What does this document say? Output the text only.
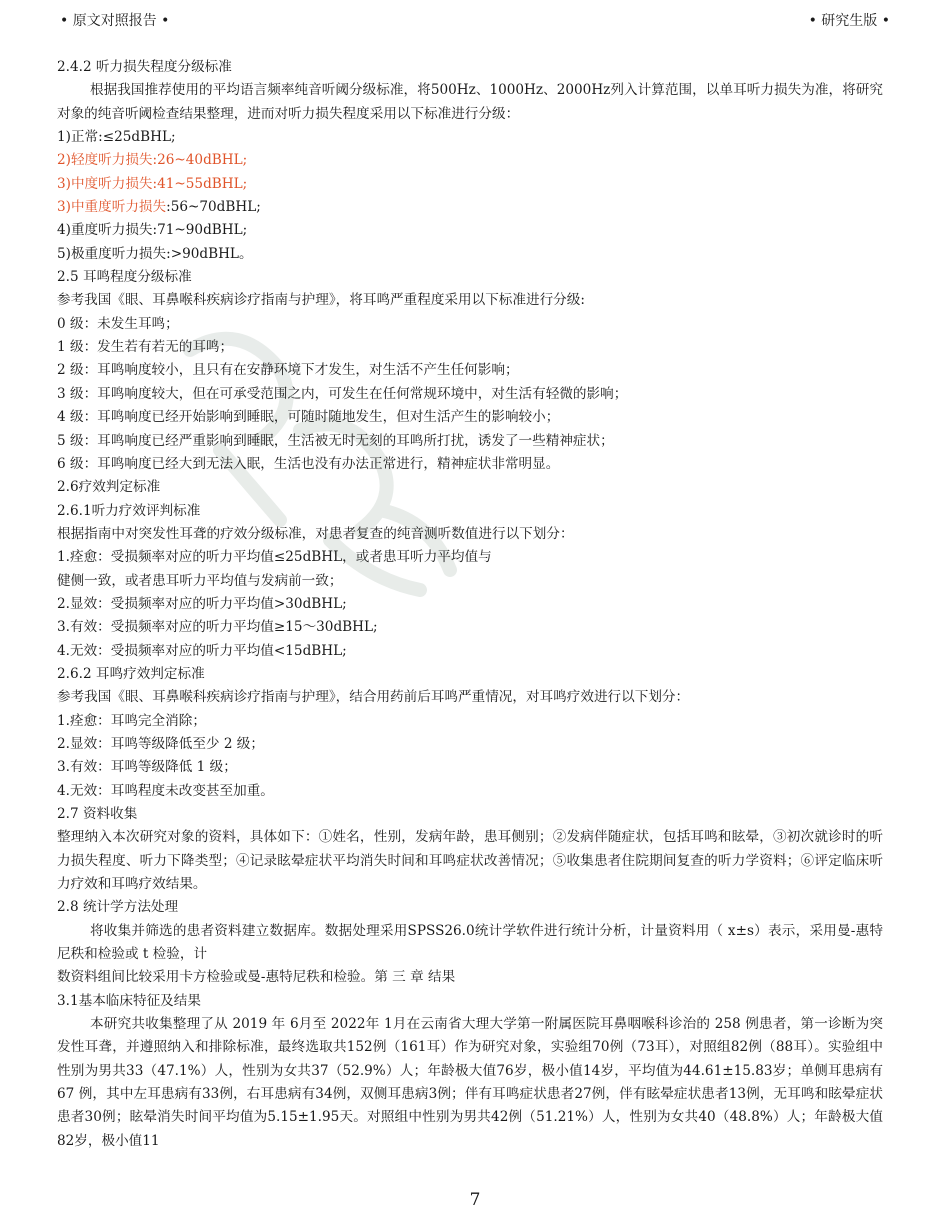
• 原文对照报告 •	• 研究生版 •
2.4.2 听力损失程度分级标准
根据我国推荐使用的平均语言频率纯音听阈分级标准，将500Hz、1000Hz、2000Hz列入计算范围，以单耳听力损失为准，将研究对象的纯音听阈检查结果整理，进而对听力损失程度采用以下标准进行分级：
1)正常:≤25dBHL;
2)轻度听力损失:26~40dBHL;
3)中度听力损失:41~55dBHL;
3)中重度听力损失:56~70dBHL;
4)重度听力损失:71~90dBHL;
5)极重度听力损失:>90dBHL。
2.5 耳鸣程度分级标准
参考我国《眼、耳鼻喉科疾病诊疗指南与护理》，将耳鸣严重程度采用以下标准进行分级:
0 级：未发生耳鸣；
1 级：发生若有若无的耳鸣；
2 级：耳鸣响度较小，且只有在安静环境下才发生，对生活不产生任何影响；
3 级：耳鸣响度较大，但在可承受范围之内，可发生在任何常规环境中，对生活有轻微的影响；
4 级：耳鸣响度已经开始影响到睡眠，可随时随地发生，但对生活产生的影响较小；
5 级：耳鸣响度已经严重影响到睡眠，生活被无时无刻的耳鸣所打扰，诱发了一些精神症状；
6 级：耳鸣响度已经大到无法入眠，生活也没有办法正常进行，精神症状非常明显。
2.6疗效判定标准
2.6.1听力疗效评判标准
根据指南中对突发性耳聋的疗效分级标准，对患者复查的纯音测听数值进行以下划分：
1.痊愈：受损频率对应的听力平均值≤25dBHL，或者患耳听力平均值与
健侧一致，或者患耳听力平均值与发病前一致；
2.显效：受损频率对应的听力平均值>30dBHL;
3.有效：受损频率对应的听力平均值≥15～30dBHL;
4.无效：受损频率对应的听力平均值<15dBHL;
2.6.2 耳鸣疗效判定标准
参考我国《眼、耳鼻喉科疾病诊疗指南与护理》，结合用药前后耳鸣严重情况，对耳鸣疗效进行以下划分：
1.痊愈：耳鸣完全消除；
2.显效：耳鸣等级降低至少 2 级；
3.有效：耳鸣等级降低 1 级；
4.无效：耳鸣程度未改变甚至加重。
2.7 资料收集
整理纳入本次研究对象的资料，具体如下：①姓名，性别，发病年龄，患耳侧别；②发病伴随症状，包括耳鸣和眩晕，③初次就诊时的听力损失程度、听力下降类型；④记录眩晕症状平均消失时间和耳鸣症状改善情况；⑤收集患者住院期间复查的听力学资料；⑥评定临床听力疗效和耳鸣疗效结果。
2.8 统计学方法处理
将收集并筛选的患者资料建立数据库。数据处理采用SPSS26.0统计学软件进行统计分析，计量资料用（ x±s）表示，采用曼-惠特尼秩和检验或 t 检验，计
数资料组间比较采用卡方检验或曼-惠特尼秩和检验。第 三 章 结果
3.1基本临床特征及结果
本研究共收集整理了从 2019 年 6月至 2022年 1月在云南省大理大学第一附属医院耳鼻咽喉科诊治的 258 例患者，第一诊断为突发性耳聋，并遵照纳入和排除标准，最终选取共152例（161耳）作为研究对象，实验组70例（73耳），对照组82例（88耳）。实验组中性别为男共33（47.1%）人，性别为女共37（52.9%）人；年龄极大值76岁，极小值14岁，平均值为44.61±15.83岁；单侧耳患病有 67 例，其中左耳患病有33例，右耳患病有34例，双侧耳患病3例；伴有耳鸣症状患者27例，伴有眩晕症状患者13例，无耳鸣和眩晕症状患者30例；眩晕消失时间平均值为5.15±1.95天。对照组中性别为男共42例（51.21%）人，性别为女共40（48.8%）人；年龄极大值82岁，极小值11
7
